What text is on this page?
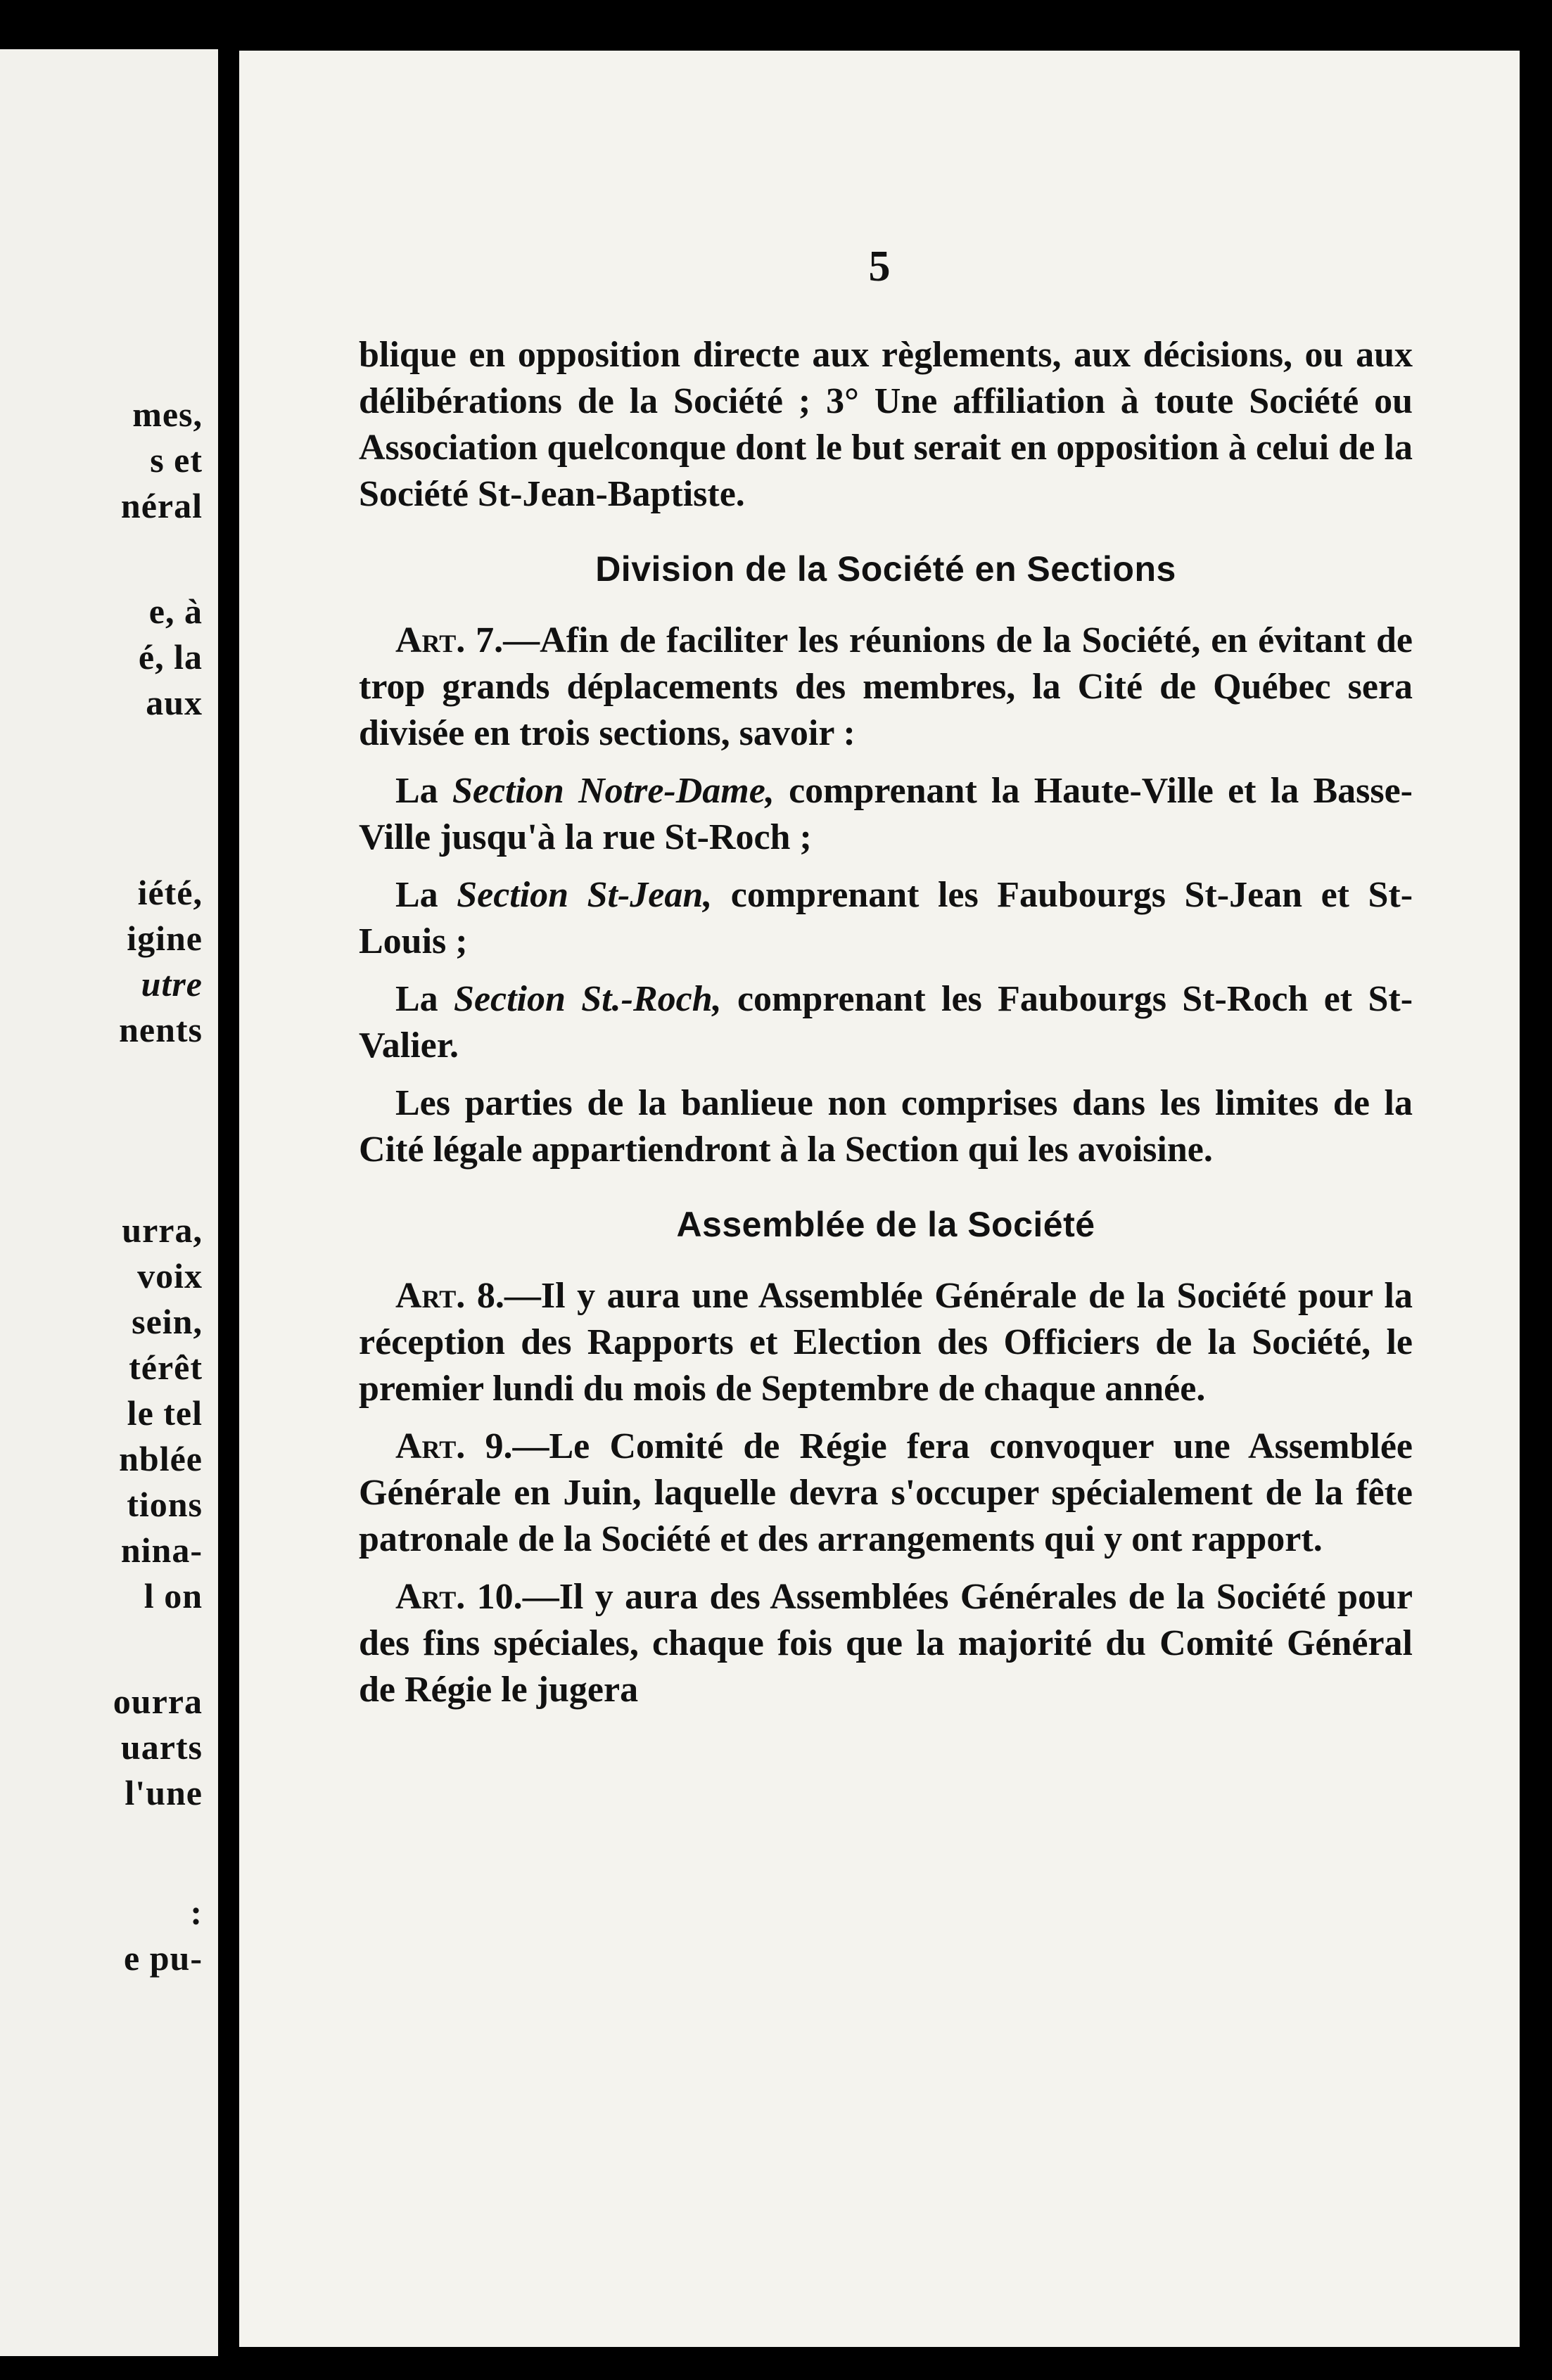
mes,
s et
néral
e, à
é, la
aux
iété,
igine
utre
nents
urra,
voix
sein,
térêt
le tel
nblée
tions
nina-
l on
ourra
uarts
l'une
:
e pu-
5

blique en opposition directe aux règlements, aux décisions, ou aux délibérations de la Société ; 3° Une affiliation à toute Société ou Association quelconque dont le but serait en opposition à celui de la Société St-Jean-Baptiste.

Division de la Société en Sections

Art. 7.—Afin de faciliter les réunions de la Société, en évitant de trop grands déplacements des membres, la Cité de Québec sera divisée en trois sections, savoir :

La Section Notre-Dame, comprenant la Haute-Ville et la Basse-Ville jusqu'à la rue St-Roch ;

La Section St-Jean, comprenant les Faubourgs St-Jean et St-Louis ;

La Section St.-Roch, comprenant les Faubourgs St-Roch et St-Valier.

Les parties de la banlieue non comprises dans les limites de la Cité légale appartiendront à la Section qui les avoisine.

Assemblée de la Société

Art. 8.—Il y aura une Assemblée Générale de la Société pour la réception des Rapports et Election des Officiers de la Société, le premier lundi du mois de Septembre de chaque année.

Art. 9.—Le Comité de Régie fera convoquer une Assemblée Générale en Juin, laquelle devra s'occuper spécialement de la fête patronale de la Société et des arrangements qui y ont rapport.

Art. 10.—Il y aura des Assemblées Générales de la Société pour des fins spéciales, chaque fois que la majorité du Comité Général de Régie le jugera
